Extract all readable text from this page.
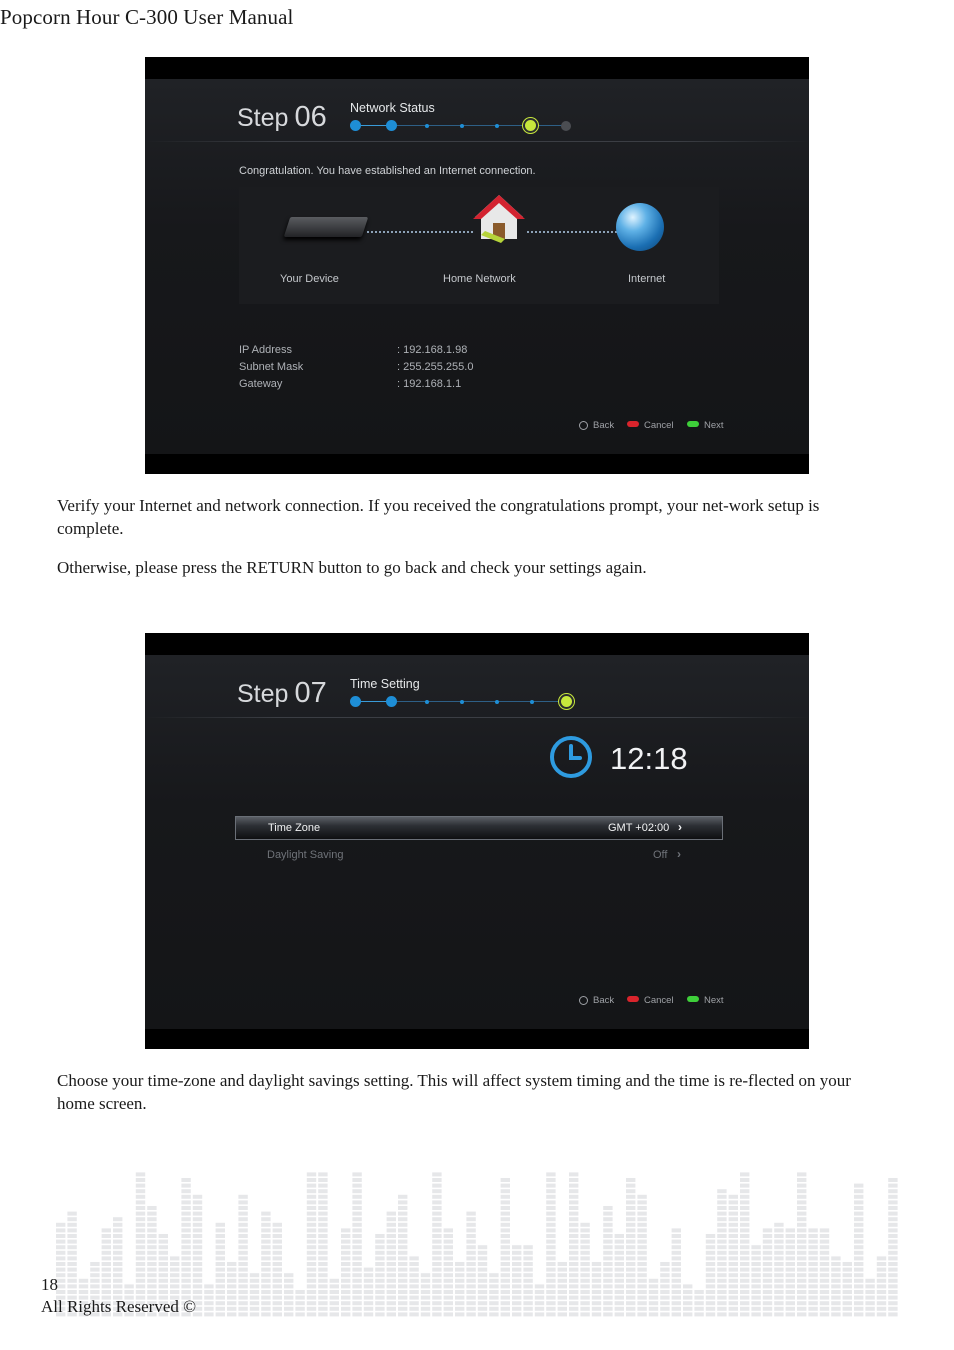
Popcorn Hour C-300 User Manual
Step 06 Network Status
Congratulation. You have established an Internet connection.
Your Device	Home Network	Internet
IP Address	: 192.168.1.98
Subnet Mask	: 255.255.255.0
Gateway	: 192.168.1.1
Back	Cancel	Next
Verify your Internet and network connection. If you received the congratulations prompt, your net-work setup is complete.
Otherwise, please press the RETURN button to go back and check your settings again.
Step 07 Time Setting
12:18
Time Zone	GMT +02:00 ›
Daylight Saving	Off ›
Back	Cancel	Next
Choose your time-zone and daylight savings setting. This will affect system timing and the time is re-flected on your home screen.
18
All Rights Reserved ©
